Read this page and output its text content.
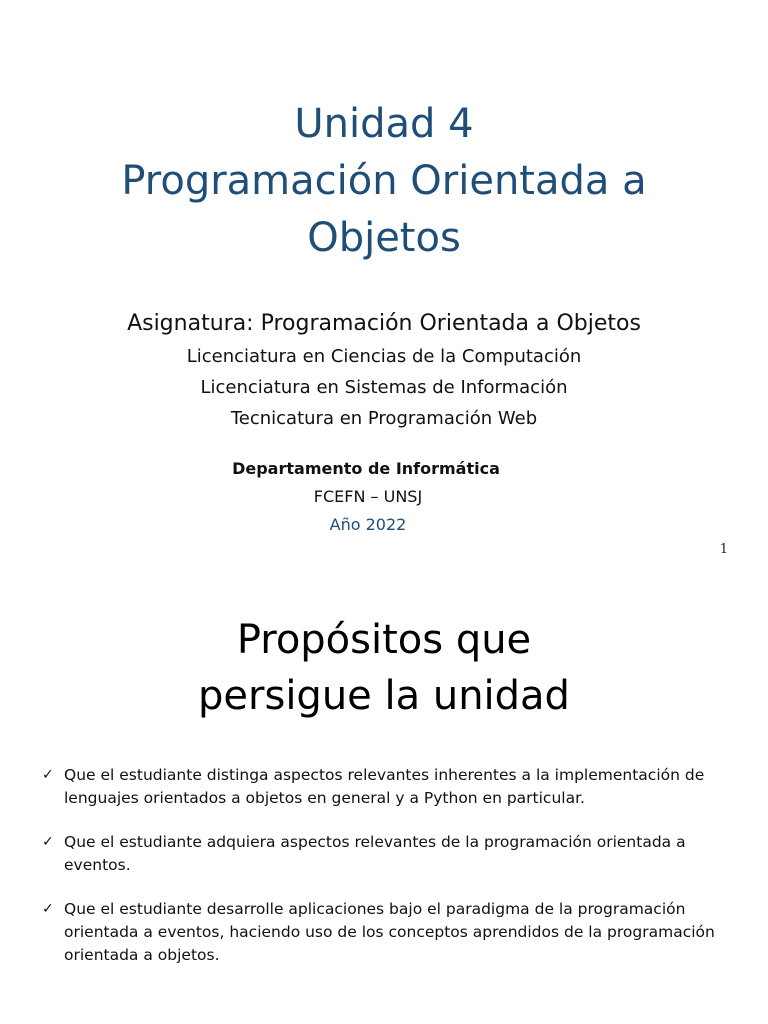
Unidad 4
Programación Orientada a
Objetos
Asignatura: Programación Orientada a Objetos
Licenciatura en Ciencias de la Computación
Licenciatura en Sistemas de Información
Tecnicatura en Programación Web
Departamento de Informática
FCEFN – UNSJ
Año 2022
1
Propósitos que
persigue la unidad
✓ Que el estudiante distinga aspectos relevantes inherentes a la implementación de lenguajes orientados a objetos en general y a Python en particular.
✓ Que el estudiante adquiera aspectos relevantes de la programación orientada a eventos.
✓ Que el estudiante desarrolle aplicaciones bajo el paradigma de la programación orientada a eventos, haciendo uso de los conceptos aprendidos de la programación orientada a objetos.
